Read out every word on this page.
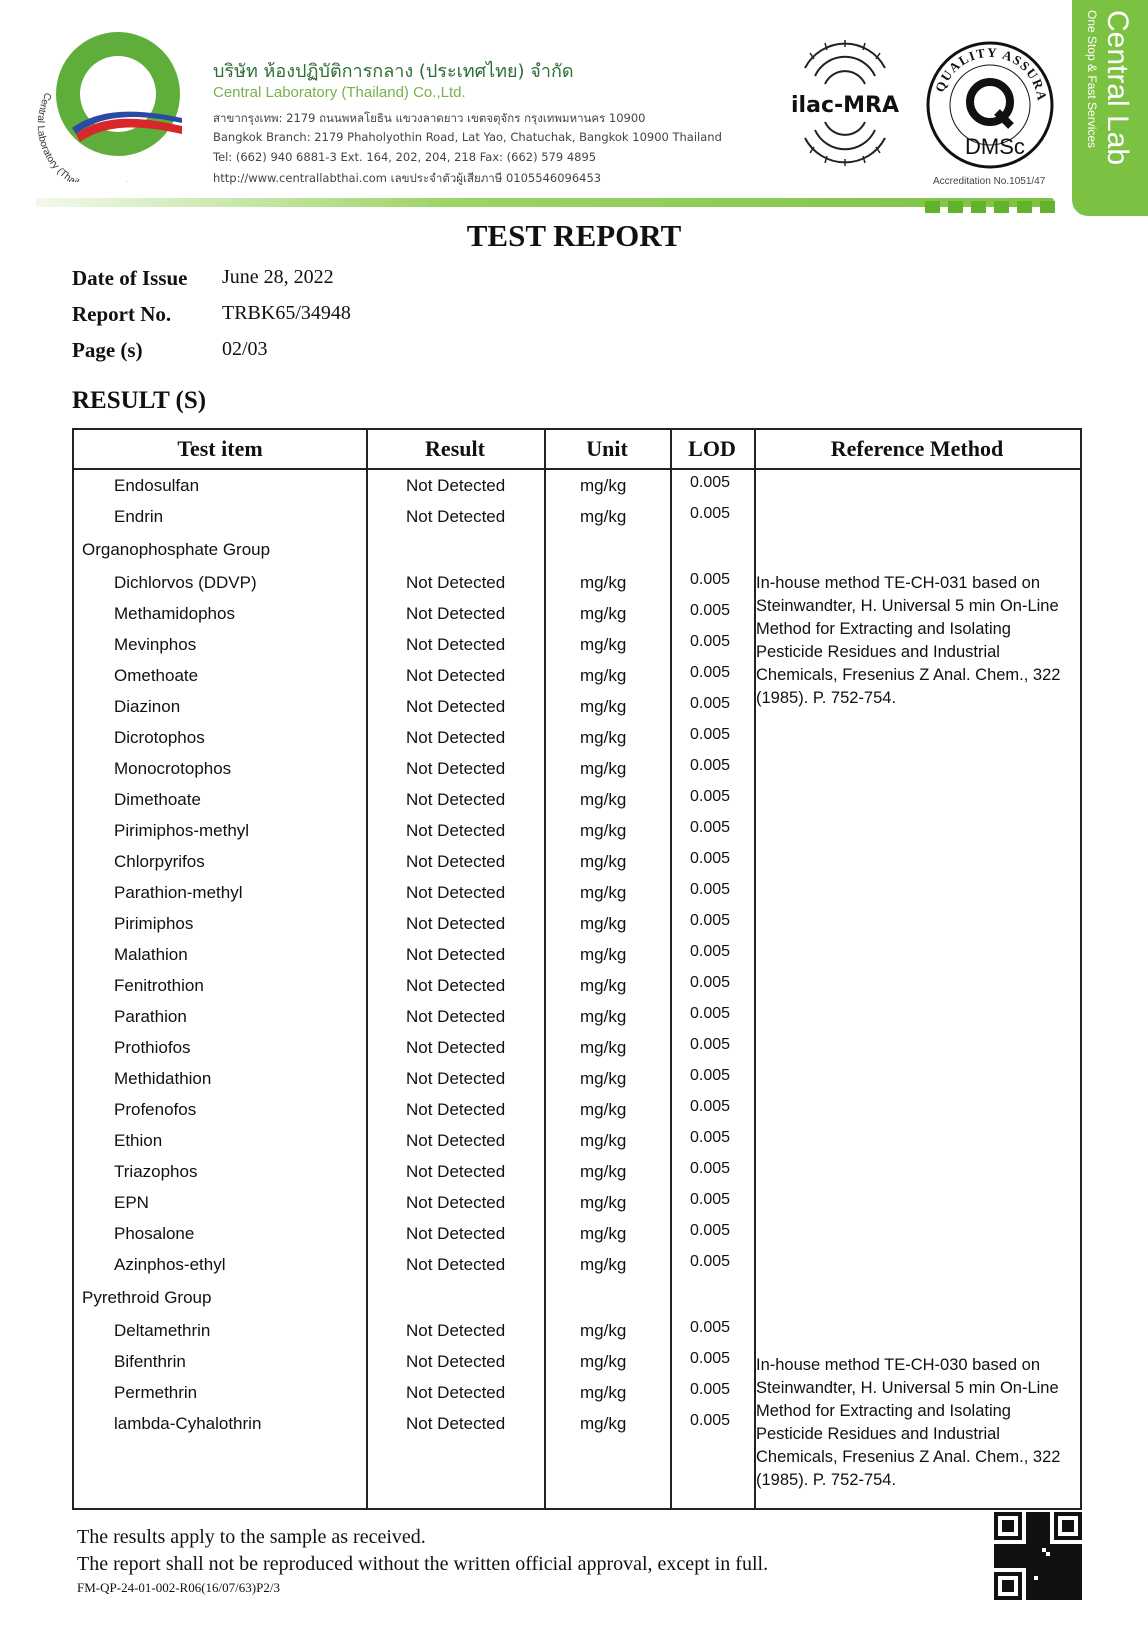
Centr aboratory (Tha
บริษัท ห้องปฏิบัติการกลาง (ประเทศไทย) จำกัด
Central Laboratory (Thailand) Co.,Ltd.
สาขากรุงเทพ: 2179 ถนนพหลโยธิน แขวงลาดยาว เขตจตุจักร กรุงเทพมหานคร 10900
Bangkok Branch: 2179 Phaholyothin Road, Lat Yao, Chatuchak, Bangkok 10900 Thailand
Tel: (662) 940 6881-3 Ext. 164, 202, 204, 218 Fax: (662) 579 4895
http://www.centrallabthai.com เลขประจำตัวผู้เสียภาษี 0105546096453
ilac-MRA
QUALITY ASSURA
DMSc
Accreditation No.1051/47
Central Lab
One Stop & Fast Services
TEST REPORT
Date of Issue June 28, 2022
Report No.	TRBK65/34948
Page (s)	02/03
RESULT (S)
Test item	Result	Unit	LOD	Reference Method
Endosulfan	Not Detected	mg/kg	0.005
Endrin	Not Detected	mg/kg	0.005
Organophosphate Group
Dichlorvos (DDVP)	Not Detected	mg/kg	0.005
Methamidophos	Not Detected	mg/kg	0.005
Mevinphos	Not Detected	mg/kg	0.005
Omethoate	Not Detected	mg/kg	0.005
Diazinon	Not Detected	mg/kg	0.005
Dicrotophos	Not Detected	mg/kg	0.005
Monocrotophos	Not Detected	mg/kg	0.005
Dimethoate	Not Detected	mg/kg	0.005
Pirimiphos-methyl	Not Detected	mg/kg	0.005
Chlorpyrifos	Not Detected	mg/kg	0.005
Parathion-methyl	Not Detected	mg/kg	0.005
Pirimiphos	Not Detected	mg/kg	0.005
Malathion	Not Detected	mg/kg	0.005
Fenitrothion	Not Detected	mg/kg	0.005
Parathion	Not Detected	mg/kg	0.005
Prothiofos	Not Detected	mg/kg	0.005
Methidathion	Not Detected	mg/kg	0.005
Profenofos	Not Detected	mg/kg	0.005
Ethion	Not Detected	mg/kg	0.005
Triazophos	Not Detected	mg/kg	0.005
EPN	Not Detected	mg/kg	0.005
Phosalone	Not Detected	mg/kg	0.005
Azinphos-ethyl	Not Detected	mg/kg	0.005
Pyrethroid Group
Deltamethrin	Not Detected	mg/kg	0.005
Bifenthrin	Not Detected	mg/kg	0.005
Permethrin	Not Detected	mg/kg	0.005
lambda-Cyhalothrin	Not Detected	mg/kg	0.005
In-house method TE-CH-031 based on Steinwandter, H. Universal 5 min On-Line Method for Extracting and Isolating Pesticide Residues and Industrial Chemicals, Fresenius Z Anal. Chem., 322 (1985). P. 752-754.
In-house method TE-CH-030 based on Steinwandter, H. Universal 5 min On-Line Method for Extracting and Isolating Pesticide Residues and Industrial Chemicals, Fresenius Z Anal. Chem., 322 (1985). P. 752-754.
The results apply to the sample as received.
The report shall not be reproduced without the written official approval, except in full.
FM-QP-24-01-002-R06(16/07/63)P2/3
